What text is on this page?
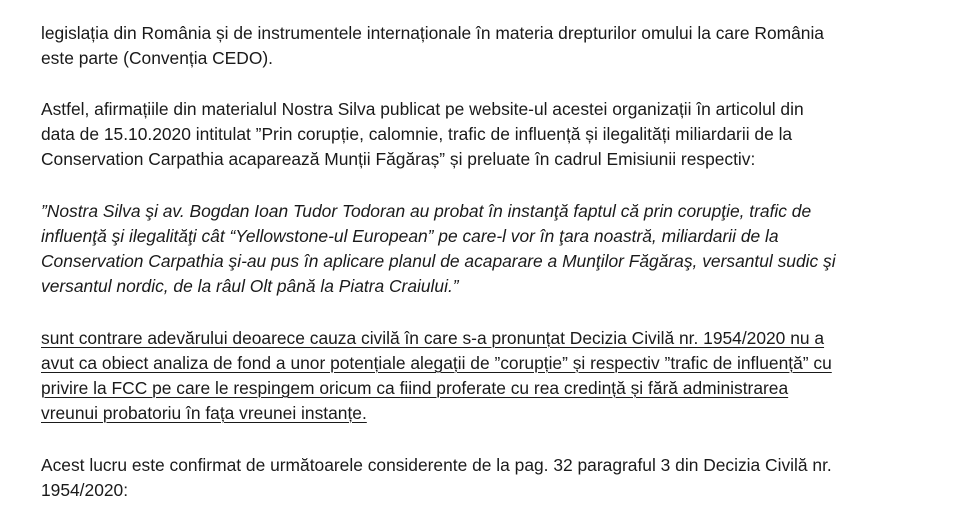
legislația din România și de instrumentele internaționale în materia drepturilor omului la care România
este parte (Convenția CEDO).

Astfel, afirmațiile din materialul Nostra Silva publicat pe website-ul acestei organizații în articolul din
data de 15.10.2020 intitulat ”Prin corupție, calomnie, trafic de influență și ilegalități miliardarii de la
Conservation Carpathia acaparează Munții Făgăraș” și preluate în cadrul Emisiunii respectiv:

”Nostra Silva şi av. Bogdan Ioan Tudor Todoran au probat în instanţă faptul că prin corupţie, trafic de
influenţă şi ilegalităţi cât “Yellowstone-ul European” pe care-l vor în ţara noastră, miliardarii de la
Conservation Carpathia şi-au pus în aplicare planul de acaparare a Munţilor Făgăraş, versantul sudic şi
versantul nordic, de la râul Olt până la Piatra Craiului.”

sunt contrare adevărului deoarece cauza civilă în care s-a pronunțat Decizia Civilă nr. 1954/2020 nu a
avut ca obiect analiza de fond a unor potențiale alegații de ”corupție” și respectiv ”trafic de influență” cu
privire la FCC pe care le respingem oricum ca fiind proferate cu rea credință și fără administrarea
vreunui probatoriu în fața vreunei instanțe.

Acest lucru este confirmat de următoarele considerente de la pag. 32 paragraful 3 din Decizia Civilă nr.
1954/2020:
